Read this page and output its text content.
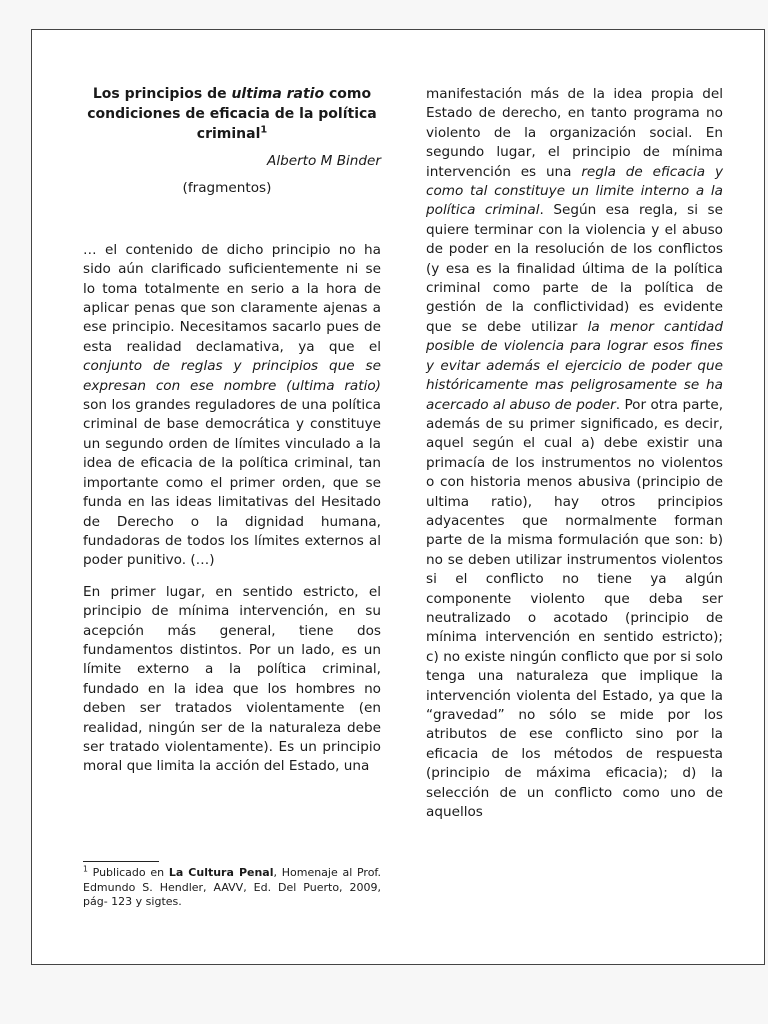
Los principios de ultima ratio como condiciones de eficacia de la política criminal$^1$

Alberto M Binder
(fragmentos)

… el contenido de dicho principio no ha sido aún clarificado suficientemente ni se lo toma totalmente en serio a la hora de aplicar penas que son claramente ajenas a ese principio. Necesitamos sacarlo pues de esta realidad declamativa, ya que el conjunto de reglas y principios que se expresan con ese nombre (ultima ratio) son los grandes reguladores de una política criminal de base democrática y constituye un segundo orden de límites vinculado a la idea de eficacia de la política criminal, tan importante como el primer orden, que se funda en las ideas limitativas del Hesitado de Derecho o la dignidad humana, fundadoras de todos los límites externos al poder punitivo. (…)

En primer lugar, en sentido estricto, el principio de mínima intervención, en su acepción más general, tiene dos fundamentos distintos. Por un lado, es un límite externo a la política criminal, fundado en la idea que los hombres no deben ser tratados violentamente (en realidad, ningún ser de la naturaleza debe ser tratado violentamente). Es un principio moral que limita la acción del Estado, una

manifestación más de la idea propia del Estado de derecho, en tanto programa no violento de la organización social. En segundo lugar, el principio de mínima intervención es una regla de eficacia y como tal constituye un limite interno a la política criminal. Según esa regla, si se quiere terminar con la violencia y el abuso de poder en la resolución de los conflictos (y esa es la finalidad última de la política criminal como parte de la política de gestión de la conflictividad) es evidente que se debe utilizar la menor cantidad posible de violencia para lograr esos fines y evitar además el ejercicio de poder que históricamente mas peligrosamente se ha acercado al abuso de poder. Por otra parte, además de su primer significado, es decir, aquel según el cual a) debe existir una primacía de los instrumentos no violentos o con historia menos abusiva (principio de ultima ratio), hay otros principios adyacentes que normalmente forman parte de la misma formulación que son: b) no se deben utilizar instrumentos violentos si el conflicto no tiene ya algún componente violento que deba ser neutralizado o acotado (principio de mínima intervención en sentido estricto); c) no existe ningún conflicto que por si solo tenga una naturaleza que implique la intervención violenta del Estado, ya que la “gravedad” no sólo se mide por los atributos de ese conflicto sino por la eficacia de los métodos de respuesta (principio de máxima eficacia); d) la selección de un conflicto como uno de aquellos

$^1$ Publicado en La Cultura Penal, Homenaje al Prof. Edmundo S. Hendler, AAVV, Ed. Del Puerto, 2009, pág- 123 y sigtes.
